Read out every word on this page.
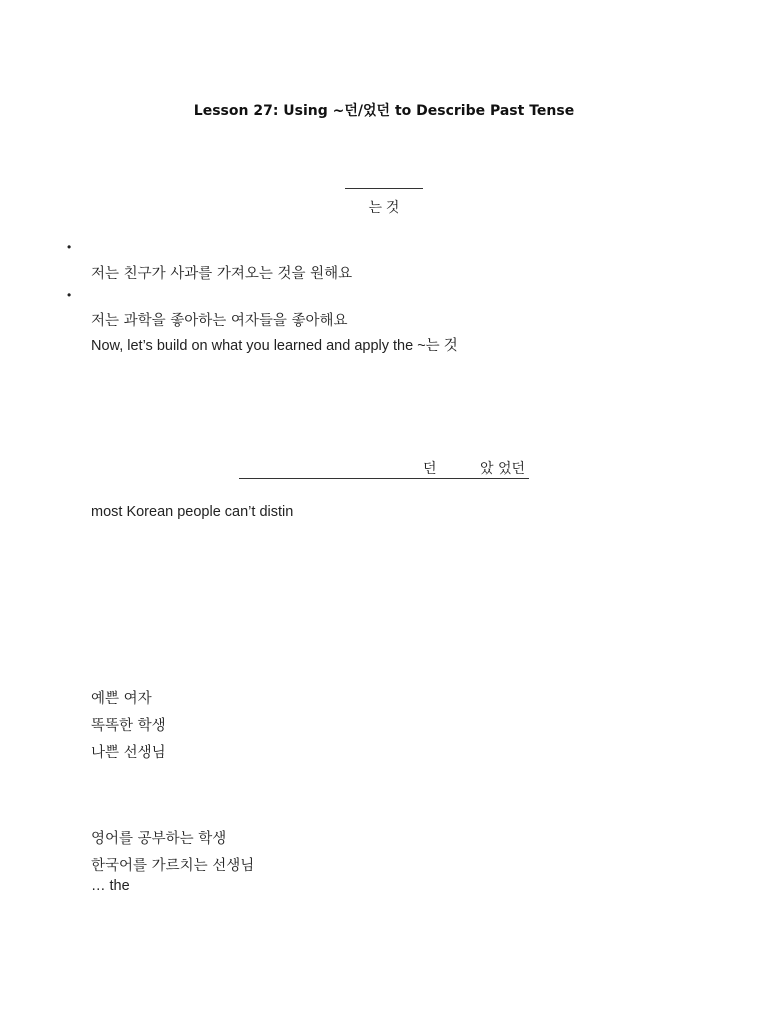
Lesson 27: Using ~던/었던 to Describe Past Tense
는 것
•
저는 친구가 사과를 가져오는 것을 원해요
•
저는 과학을 좋아하는 여자들을 좋아해요
Now, let’s build on what you learned and apply the ~는 것
던	았 었던
most Korean people can’t distin
예쁜 여자
똑똑한 학생
나쁜 선생님
영어를 공부하는 학생
한국어를 가르치는 선생님
… the
